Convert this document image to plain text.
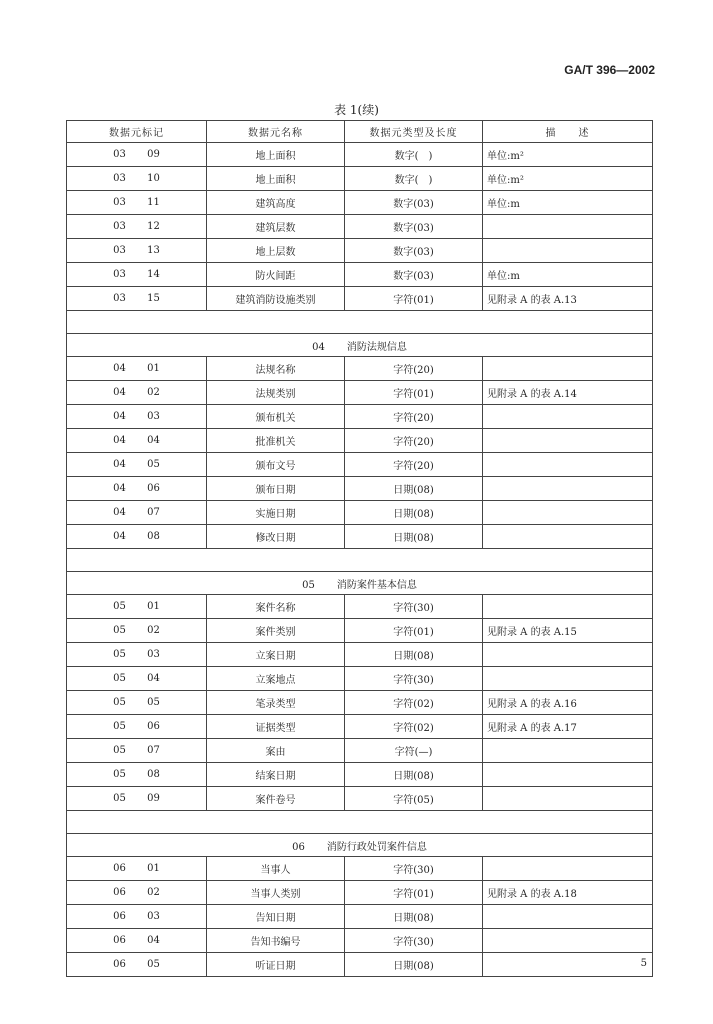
GA/T 396—2002
表 1(续)
数据元标记	数据元名称	数据元类型及长度	描　　述
03 09	地上面积	数字(　)	单位:m²
03 10	地上面积	数字(　)	单位:m²
03 11	建筑高度	数字(03)	单位:m
03 12	建筑层数	数字(03)	
03 13	地上层数	数字(03)	
03 14	防火间距	数字(03)	单位:m
03 15	建筑消防设施类别	字符(01)	见附录 A 的表 A.13

04 消防法规信息			
04 01	法规名称	字符(20)	
04 02	法规类别	字符(01)	见附录 A 的表 A.14
04 03	颁布机关	字符(20)	
04 04	批准机关	字符(20)	
04 05	颁布文号	字符(20)	
04 06	颁布日期	日期(08)	
04 07	实施日期	日期(08)	
04 08	修改日期	日期(08)	

05 消防案件基本信息			
05 01	案件名称	字符(30)	
05 02	案件类别	字符(01)	见附录 A 的表 A.15
05 03	立案日期	日期(08)	
05 04	立案地点	字符(30)	
05 05	笔录类型	字符(02)	见附录 A 的表 A.16
05 06	证据类型	字符(02)	见附录 A 的表 A.17
05 07	案由	字符(—)	
05 08	结案日期	日期(08)	
05 09	案件卷号	字符(05)	

06 消防行政处罚案件信息			
06 01	当事人	字符(30)	
06 02	当事人类别	字符(01)	见附录 A 的表 A.18
06 03	告知日期	日期(08)	
06 04	告知书编号	字符(30)	
06 05	听证日期	日期(08)		5
